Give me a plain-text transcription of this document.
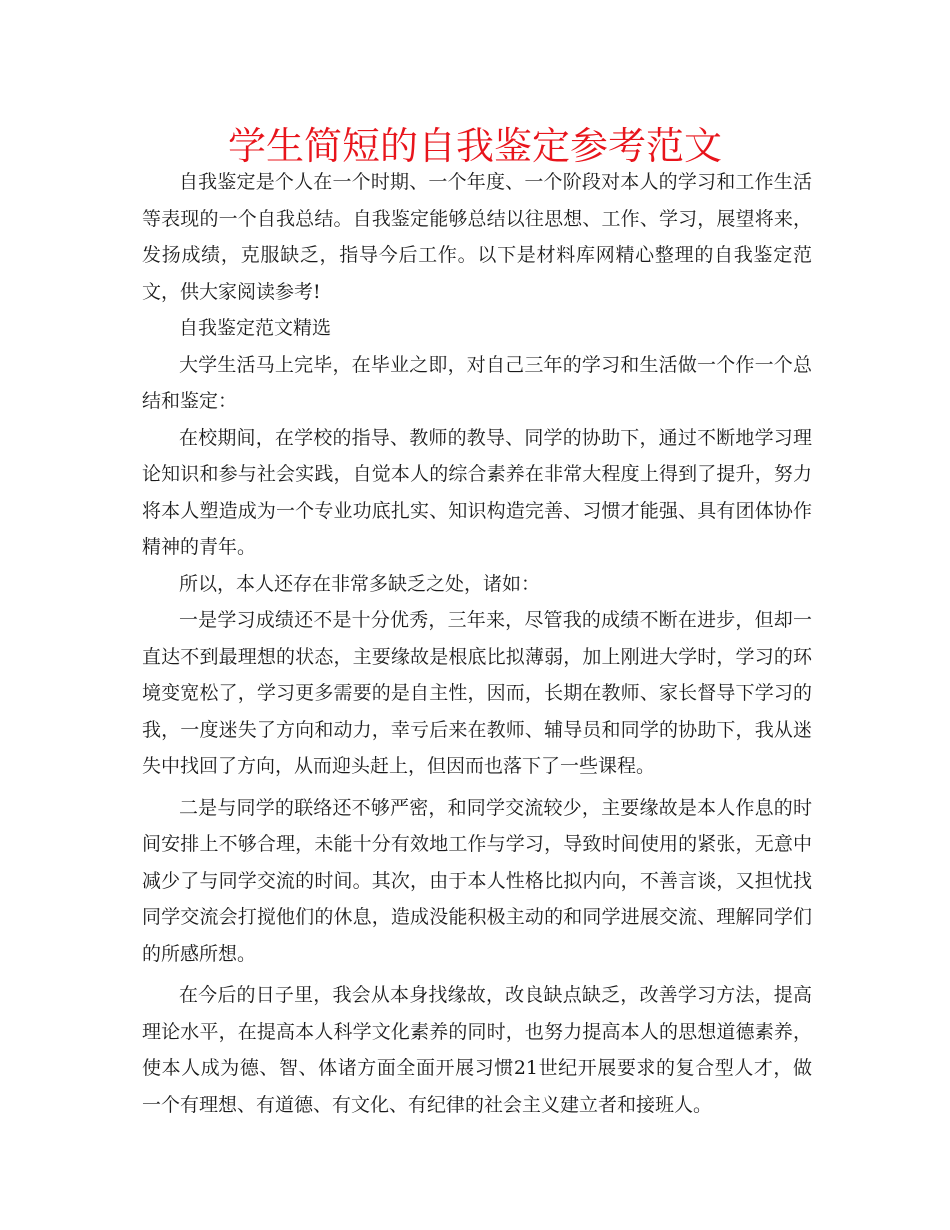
学生简短的自我鉴定参考范文

自我鉴定是个人在一个时期、一个年度、一个阶段对本人的学习和工作生活等表现的一个自我总结。自我鉴定能够总结以往思想、工作、学习，展望将来，发扬成绩，克服缺乏，指导今后工作。以下是材料库网精心整理的自我鉴定范文，供大家阅读参考!

自我鉴定范文精选

大学生活马上完毕，在毕业之即，对自己三年的学习和生活做一个作一个总结和鉴定：

在校期间，在学校的指导、教师的教导、同学的协助下，通过不断地学习理论知识和参与社会实践，自觉本人的综合素养在非常大程度上得到了提升，努力将本人塑造成为一个专业功底扎实、知识构造完善、习惯才能强、具有团体协作精神的青年。

所以，本人还存在非常多缺乏之处，诸如：

一是学习成绩还不是十分优秀，三年来，尽管我的成绩不断在进步，但却一直达不到最理想的状态，主要缘故是根底比拟薄弱，加上刚进大学时，学习的环境变宽松了，学习更多需要的是自主性，因而，长期在教师、家长督导下学习的我，一度迷失了方向和动力，幸亏后来在教师、辅导员和同学的协助下，我从迷失中找回了方向，从而迎头赶上，但因而也落下了一些课程。

二是与同学的联络还不够严密，和同学交流较少，主要缘故是本人作息的时间安排上不够合理，未能十分有效地工作与学习，导致时间使用的紧张，无意中减少了与同学交流的时间。其次，由于本人性格比拟内向，不善言谈，又担忧找同学交流会打搅他们的休息，造成没能积极主动的和同学进展交流、理解同学们的所感所想。

在今后的日子里，我会从本身找缘故，改良缺点缺乏，改善学习方法，提高理论水平，在提高本人科学文化素养的同时，也努力提高本人的思想道德素养，使本人成为德、智、体诸方面全面开展习惯21世纪开展要求的复合型人才，做一个有理想、有道德、有文化、有纪律的社会主义建立者和接班人。
